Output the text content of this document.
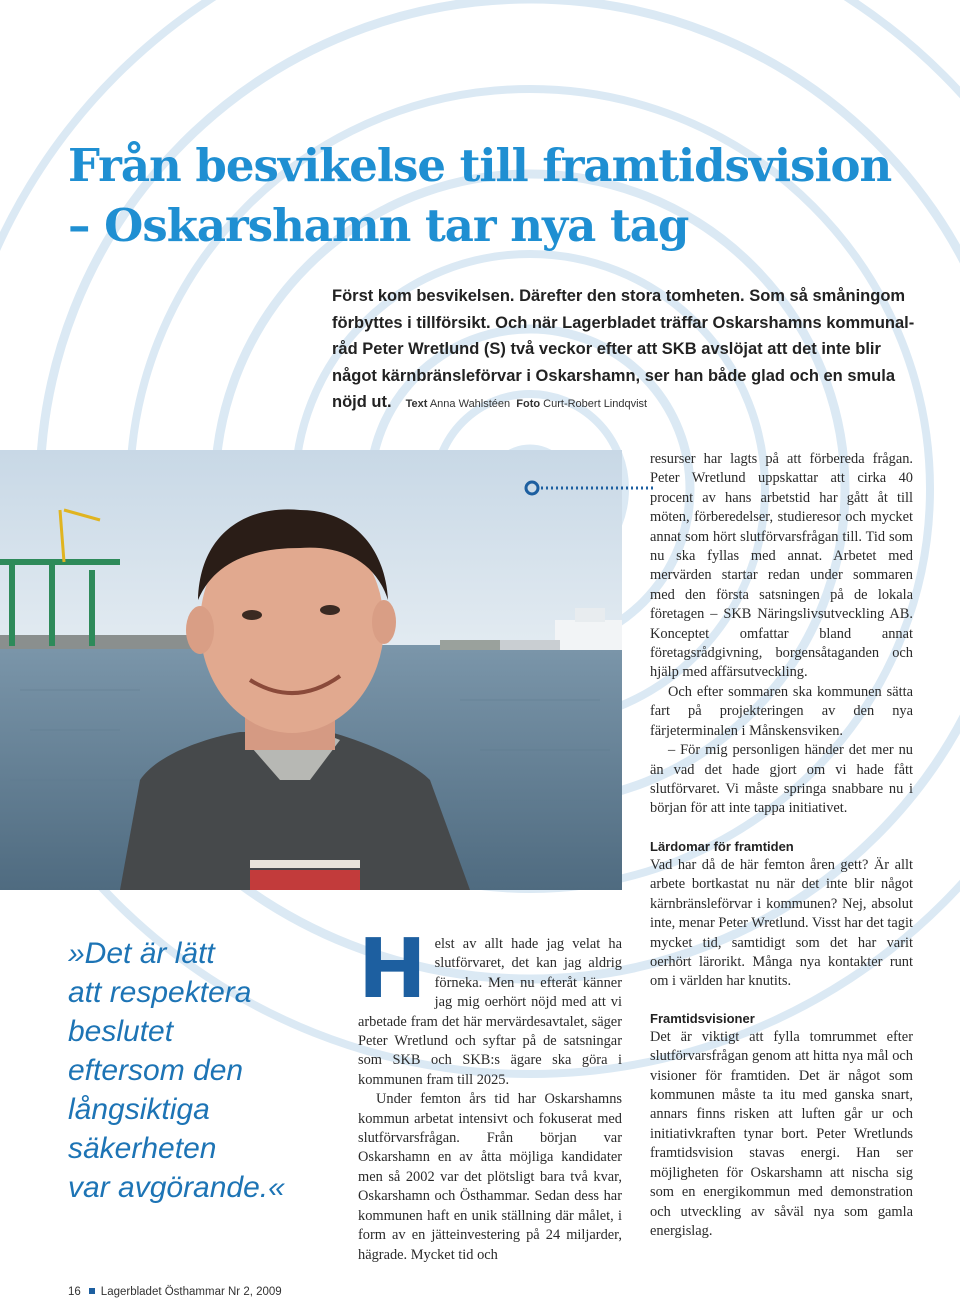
Från besvikelse till framtidsvision
– Oskarshamn tar nya tag

Först kom besvikelsen. Därefter den stora tomheten. Som så småningom
förbyttes i tillförsikt. Och när Lagerbladet träffar Oskarshamns kommunal-
råd Peter Wretlund (S) två veckor efter att SKB avslöjat att det inte blir
något kärnbränsleförvar i Oskarshamn, ser han både glad och en smula
nöjd ut. Text Anna Wahlstéen Foto Curt-Robert Lindqvist

»Det är lätt
att respektera
beslutet
eftersom den
långsiktiga
säkerheten
var avgörande.«

Helst av allt hade jag velat ha slutförvaret, det kan jag aldrig förneka. Men nu efteråt känner jag mig oerhört nöjd med att vi arbetade fram det här mervärdesavtalet, säger Peter Wretlund och syftar på de satsningar som SKB och SKB:s ägare ska göra i kommunen fram till 2025.

Under femton års tid har Oskarshamns kommun arbetat intensivt och fokuserat med slutförvarsfrågan. Från början var Oskarshamn en av åtta möjliga kandidater men så 2002 var det plötsligt bara två kvar, Oskarshamn och Östhammar. Sedan dess har kommunen haft en unik ställning där målet, i form av en jätteinvestering på 24 miljarder, hägrade. Mycket tid och

resurser har lagts på att förbereda frågan. Peter Wretlund uppskattar att cirka 40 procent av hans arbetstid har gått åt till möten, förberedelser, studieresor och mycket annat som hört slutförvarsfrågan till. Tid som nu ska fyllas med annat. Arbetet med mervärden startar redan under sommaren med den första satsningen på de lokala företagen – SKB Näringslivsutveckling AB. Konceptet omfattar bland annat företagsrådgivning, borgensåtaganden och hjälp med affärsutveckling.

Och efter sommaren ska kommunen sätta fart på projekteringen av den nya färjeterminalen i Månskensviken.

– För mig personligen händer det mer nu än vad det hade gjort om vi hade fått slutförvaret. Vi måste springa snabbare nu i början för att inte tappa initiativet.

Lärdomar för framtiden

Vad har då de här femton åren gett? Är allt arbete bortkastat nu när det inte blir något kärnbränsleförvar i kommunen? Nej, absolut inte, menar Peter Wretlund. Visst har det tagit mycket tid, samtidigt som det har varit oerhört lärorikt. Många nya kontakter runt om i världen har knutits.

Framtidsvisioner

Det är viktigt att fylla tomrummet efter slutförvarsfrågan genom att hitta nya mål och visioner för framtiden. Det är något som kommunen måste ta itu med ganska snart, annars finns risken att luften går ur och initiativkraften tynar bort. Peter Wretlunds framtidsvision stavas energi. Han ser möjligheten för Oskarshamn att nischa sig som en energikommun med demonstration och utveckling av såväl nya som gamla energislag.

16 Lagerbladet Östhammar Nr 2, 2009
